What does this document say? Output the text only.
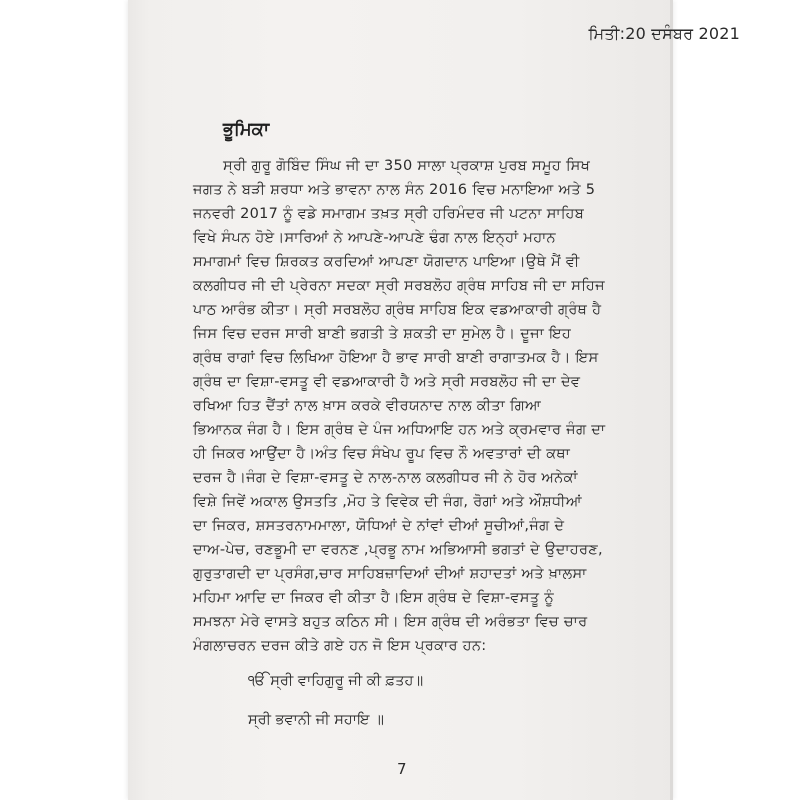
ਮਿਤੀ:20 ਦਸੰਬਰ 2021

ਭੂਮਿਕਾ

ਸ੍ਰੀ ਗੁਰੂ ਗੋਬਿੰਦ ਸਿੰਘ ਜੀ ਦਾ 350 ਸਾਲਾ ਪ੍ਰਕਾਸ਼ ਪੁਰਬ ਸਮੂਹ ਸਿਖ
ਜਗਤ ਨੇ ਬੜੀ ਸ਼ਰਧਾ ਅਤੇ ਭਾਵਨਾ ਨਾਲ ਸੰਨ 2016 ਵਿਚ ਮਨਾਇਆ ਅਤੇ 5
ਜਨਵਰੀ 2017 ਨੂੰ ਵਡੇ ਸਮਾਗਮ ਤਖ਼ਤ ਸ੍ਰੀ ਹਰਿਮੰਦਰ ਜੀ ਪਟਨਾ ਸਾਹਿਬ
ਵਿਖੇ ਸੰਪਨ ਹੋਏ।ਸਾਰਿਆਂ ਨੇ ਆਪਣੇ-ਆਪਣੇ ਢੰਗ ਨਾਲ ਇਨ੍ਹਾਂ ਮਹਾਨ
ਸਮਾਗਮਾਂ ਵਿਚ ਸ਼ਿਰਕਤ ਕਰਦਿਆਂ ਆਪਣਾ ਯੋਗਦਾਨ ਪਾਇਆ।ਉਥੇ ਮੈਂ ਵੀ
ਕਲਗੀਧਰ ਜੀ ਦੀ ਪ੍ਰੇਰਨਾ ਸਦਕਾ ਸ੍ਰੀ ਸਰਬਲੋਹ ਗ੍ਰੰਥ ਸਾਹਿਬ ਜੀ ਦਾ ਸਹਿਜ
ਪਾਠ ਆਰੰਭ ਕੀਤਾ। ਸ੍ਰੀ ਸਰਬਲੋਹ ਗ੍ਰੰਥ ਸਾਹਿਬ ਇਕ ਵਡਆਕਾਰੀ ਗ੍ਰੰਥ ਹੈ
ਜਿਸ ਵਿਚ ਦਰਜ ਸਾਰੀ ਬਾਣੀ ਭਗਤੀ ਤੇ ਸ਼ਕਤੀ ਦਾ ਸੁਮੇਲ ਹੈ। ਦੂਜਾ ਇਹ
ਗ੍ਰੰਥ ਰਾਗਾਂ ਵਿਚ ਲਿਖਿਆ ਹੋਇਆ ਹੈ ਭਾਵ ਸਾਰੀ ਬਾਣੀ ਰਾਗਾਤਮਕ ਹੈ। ਇਸ
ਗ੍ਰੰਥ ਦਾ ਵਿਸ਼ਾ-ਵਸਤੂ ਵੀ ਵਡਆਕਾਰੀ ਹੈ ਅਤੇ ਸ੍ਰੀ ਸਰਬਲੋਹ ਜੀ ਦਾ ਦੇਵ
ਰਖਿਆ ਹਿਤ ਦੈਂਤਾਂ ਨਾਲ ਖ਼ਾਸ ਕਰਕੇ ਵੀਰਯਨਾਦ ਨਾਲ ਕੀਤਾ ਗਿਆ
ਭਿਆਨਕ ਜੰਗ ਹੈ। ਇਸ ਗ੍ਰੰਥ ਦੇ ਪੰਜ ਅਧਿਆਇ ਹਨ ਅਤੇ ਕ੍ਰਮਵਾਰ ਜੰਗ ਦਾ
ਹੀ ਜਿਕਰ ਆਉਂਦਾ ਹੈ।ਅੰਤ ਵਿਚ ਸੰਖੇਪ ਰੂਪ ਵਿਚ ਨੌ ਅਵਤਾਰਾਂ ਦੀ ਕਥਾ
ਦਰਜ ਹੈ।ਜੰਗ ਦੇ ਵਿਸ਼ਾ-ਵਸਤੂ ਦੇ ਨਾਲ-ਨਾਲ ਕਲਗੀਧਰ ਜੀ ਨੇ ਹੋਰ ਅਨੇਕਾਂ
ਵਿਸ਼ੇ ਜਿਵੇਂ ਅਕਾਲ ਉਸਤਤਿ ,ਮੋਹ ਤੇ ਵਿਵੇਕ ਦੀ ਜੰਗ, ਰੋਗਾਂ ਅਤੇ ਔਸ਼ਧੀਆਂ
ਦਾ ਜਿਕਰ, ਸ਼ਸਤਰਨਾਮਮਾਲਾ, ਯੋਧਿਆਂ ਦੇ ਨਾਂਵਾਂ ਦੀਆਂ ਸੂਚੀਆਂ,ਜੰਗ ਦੇ
ਦਾਅ-ਪੇਚ, ਰਣਭੂਮੀ ਦਾ ਵਰਨਣ ,ਪ੍ਰਭੂ ਨਾਮ ਅਭਿਆਸੀ ਭਗਤਾਂ ਦੇ ਉਦਾਹਰਣ,
ਗੁਰੁਤਾਗਦੀ ਦਾ ਪ੍ਰਸੰਗ,ਚਾਰ ਸਾਹਿਬਜ਼ਾਦਿਆਂ ਦੀਆਂ ਸ਼ਹਾਦਤਾਂ ਅਤੇ ਖ਼ਾਲਸਾ
ਮਹਿਮਾ ਆਦਿ ਦਾ ਜਿਕਰ ਵੀ ਕੀਤਾ ਹੈ।ਇਸ ਗ੍ਰੰਥ ਦੇ ਵਿਸ਼ਾ-ਵਸਤੂ ਨੂੰ
ਸਮਝਨਾ ਮੇਰੇ ਵਾਸਤੇ ਬਹੁਤ ਕਠਿਨ ਸੀ। ਇਸ ਗ੍ਰੰਥ ਦੀ ਅਰੰਭਤਾ ਵਿਚ ਚਾਰ
ਮੰਗਲਾਚਰਨ ਦਰਜ ਕੀਤੇ ਗਏ ਹਨ ਜੋ ਇਸ ਪ੍ਰਕਾਰ ਹਨ:

ੴ ਸ੍ਰੀ ਵਾਹਿਗੁਰੂ ਜੀ ਕੀ ਫ਼ਤਹ॥

ਸ੍ਰੀ ਭਵਾਨੀ ਜੀ ਸਹਾਇ ॥

7
